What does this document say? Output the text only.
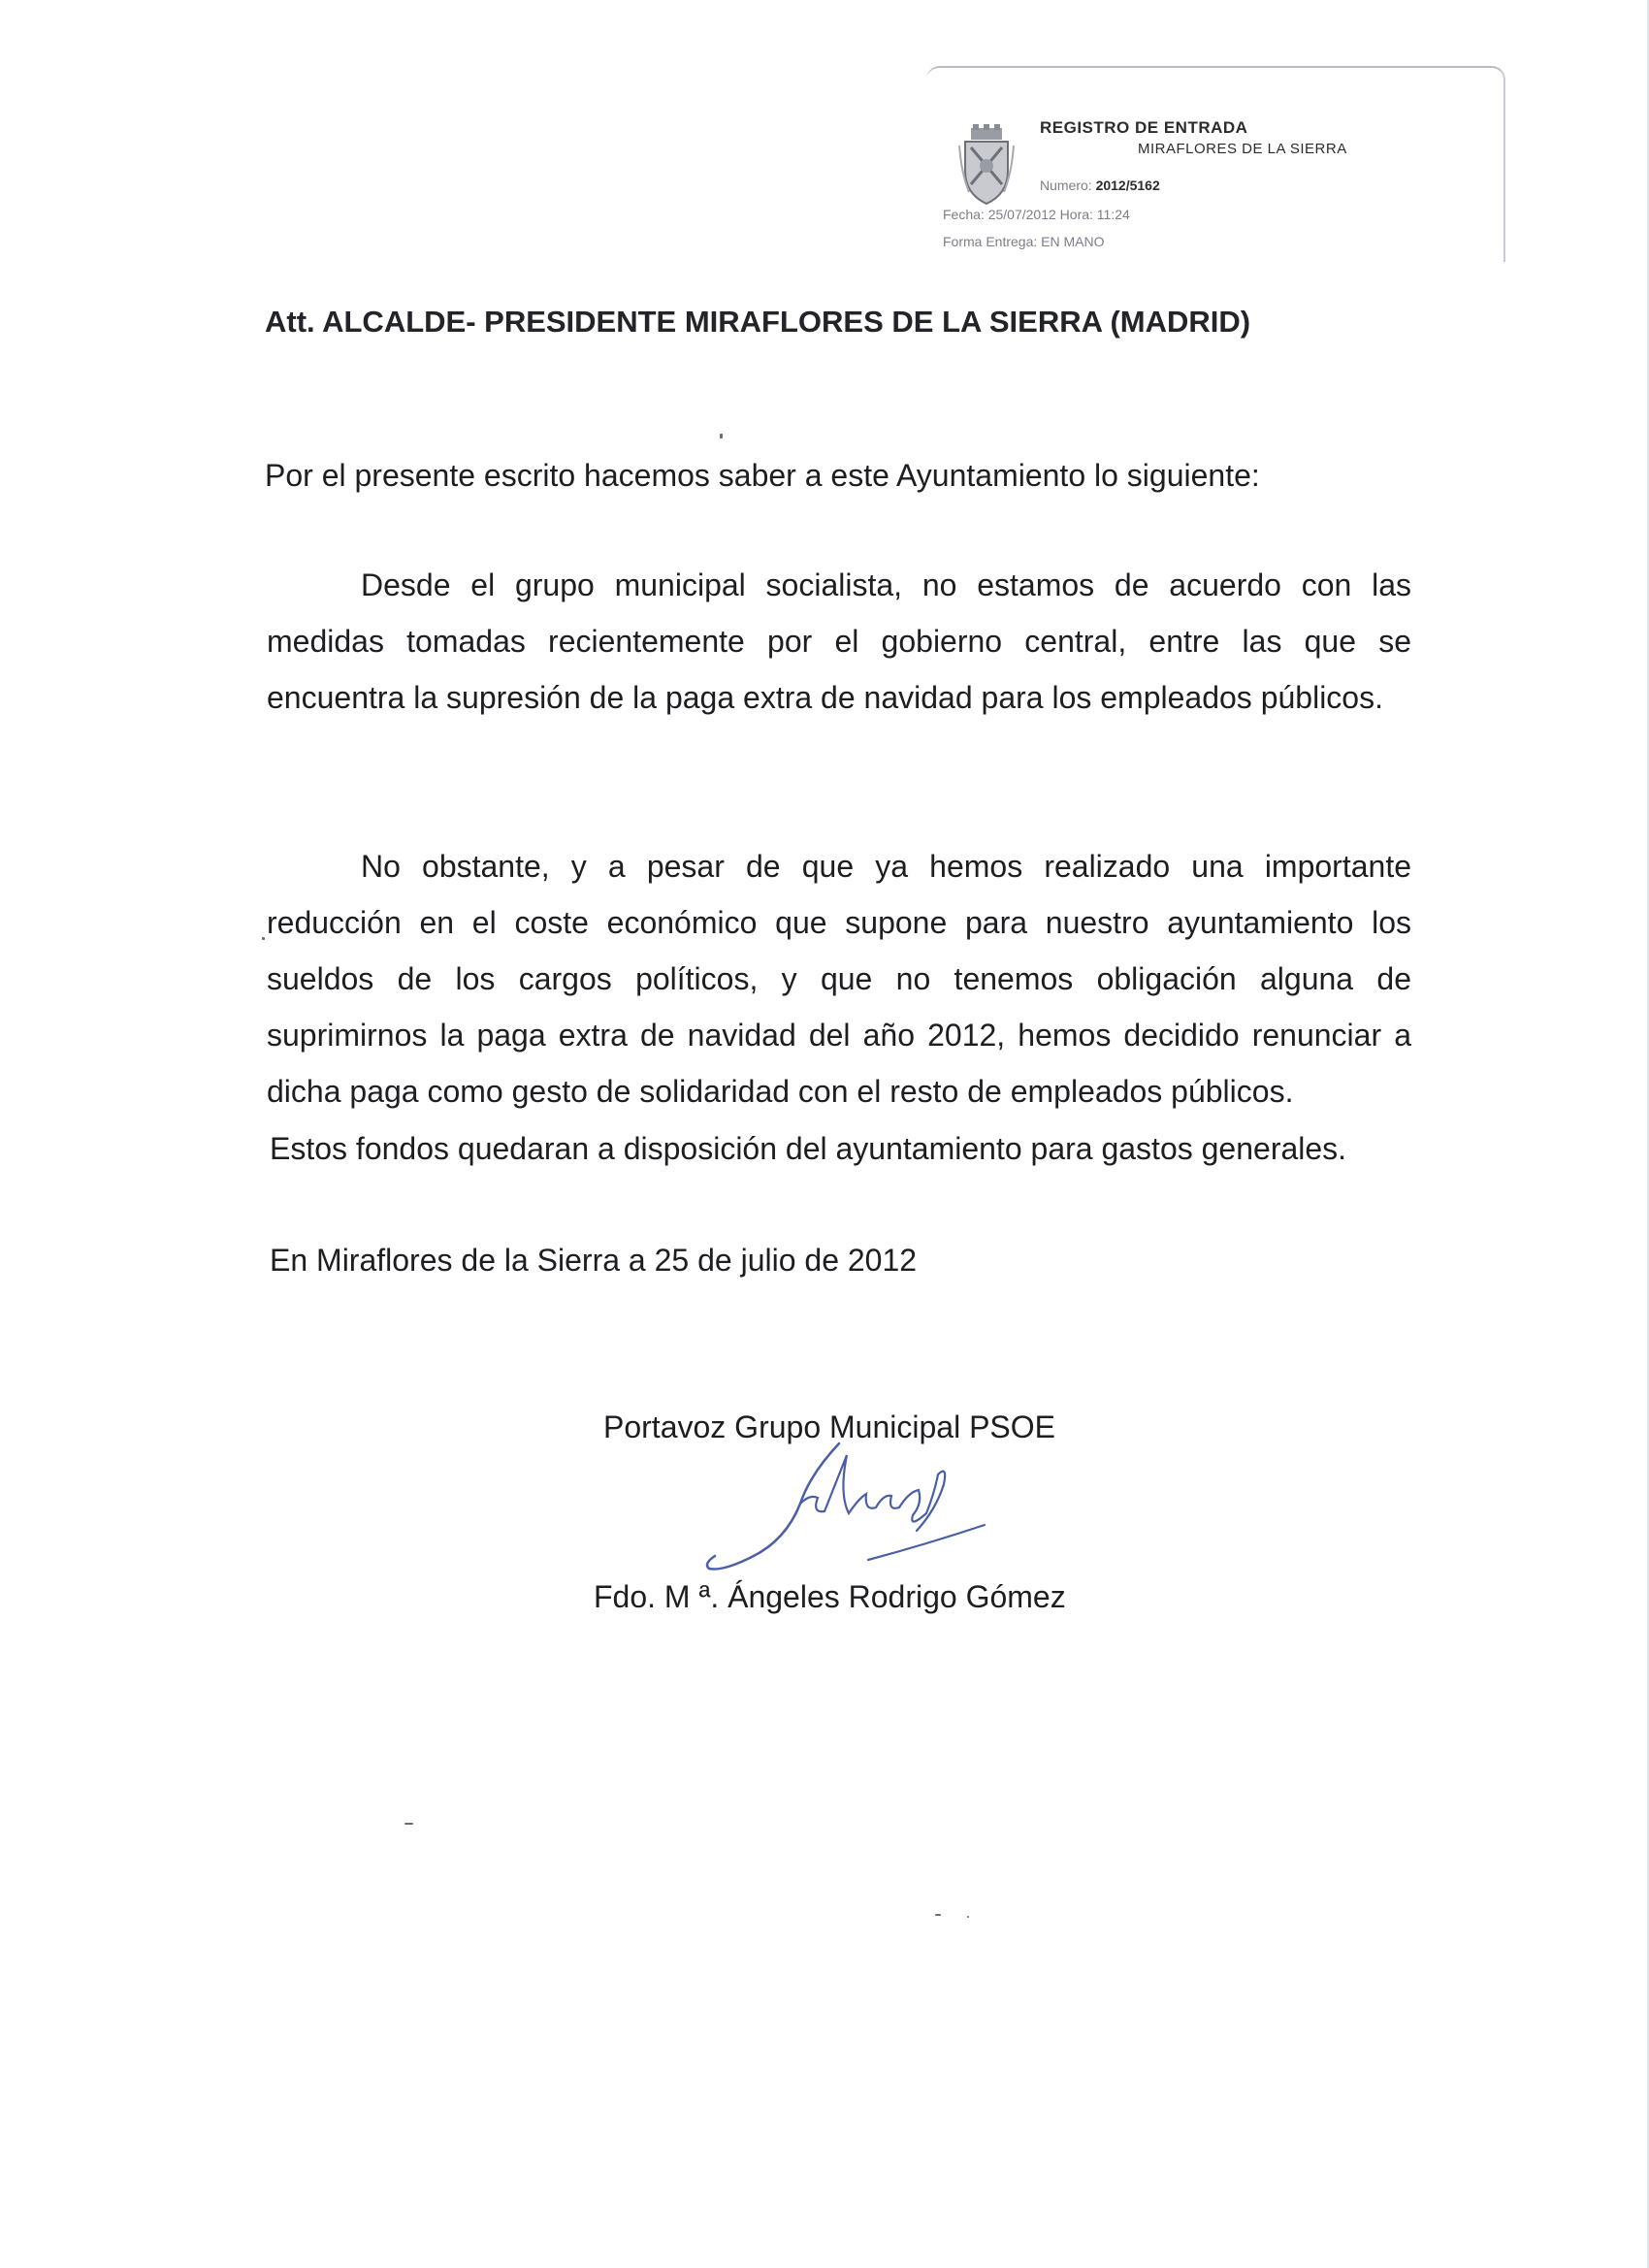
REGISTRO DE ENTRADA
MIRAFLORES DE LA SIERRA
Numero: 2012/5162
Fecha: 25/07/2012 Hora: 11:24
Forma Entrega: EN MANO
Att. ALCALDE- PRESIDENTE MIRAFLORES DE LA SIERRA (MADRID)
Por el presente escrito hacemos saber a este Ayuntamiento lo siguiente:
Desde el grupo municipal socialista, no estamos de acuerdo con las medidas tomadas recientemente por el gobierno central, entre las que se encuentra la supresión de la paga extra de navidad para los empleados públicos.
No obstante, y a pesar de que ya hemos realizado una importante reducción en el coste económico que supone para nuestro ayuntamiento los sueldos de los cargos políticos, y que no tenemos obligación alguna de suprimirnos la paga extra de navidad del año 2012, hemos decidido renunciar a dicha paga como gesto de solidaridad con el resto de empleados públicos.
Estos fondos quedaran a disposición del ayuntamiento para gastos generales.
En Miraflores de la Sierra a 25 de julio de 2012
Portavoz Grupo Municipal PSOE
Fdo. M ª. Ángeles Rodrigo Gómez
